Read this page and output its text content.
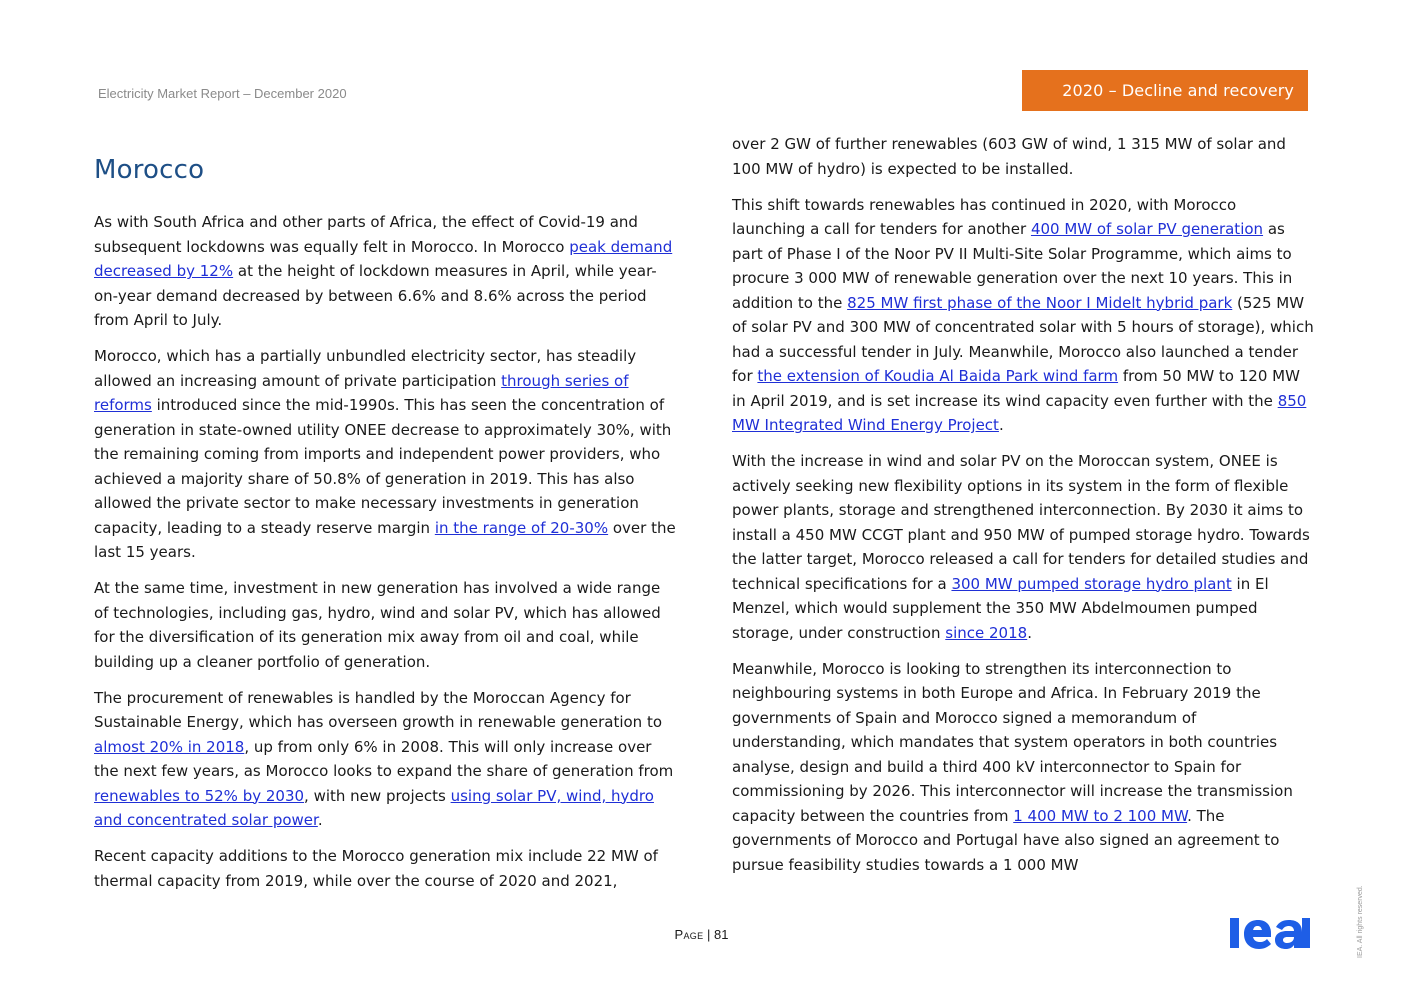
Electricity Market Report – December 2020	2020 – Decline and recovery
Morocco

As with South Africa and other parts of Africa, the effect of Covid-19 and subsequent lockdowns was equally felt in Morocco. In Morocco peak demand decreased by 12% at the height of lockdown measures in April, while year-on-year demand decreased by between 6.6% and 8.6% across the period from April to July.

Morocco, which has a partially unbundled electricity sector, has steadily allowed an increasing amount of private participation through series of reforms introduced since the mid-1990s. This has seen the concentration of generation in state-owned utility ONEE decrease to approximately 30%, with the remaining coming from imports and independent power providers, who achieved a majority share of 50.8% of generation in 2019. This has also allowed the private sector to make necessary investments in generation capacity, leading to a steady reserve margin in the range of 20-30% over the last 15 years.

At the same time, investment in new generation has involved a wide range of technologies, including gas, hydro, wind and solar PV, which has allowed for the diversification of its generation mix away from oil and coal, while building up a cleaner portfolio of generation.

The procurement of renewables is handled by the Moroccan Agency for Sustainable Energy, which has overseen growth in renewable generation to almost 20% in 2018, up from only 6% in 2008. This will only increase over the next few years, as Morocco looks to expand the share of generation from renewables to 52% by 2030, with new projects using solar PV, wind, hydro and concentrated solar power.

Recent capacity additions to the Morocco generation mix include 22 MW of thermal capacity from 2019, while over the course of 2020 and 2021,

over 2 GW of further renewables (603 GW of wind, 1 315 MW of solar and 100 MW of hydro) is expected to be installed.

This shift towards renewables has continued in 2020, with Morocco launching a call for tenders for another 400 MW of solar PV generation as part of Phase I of the Noor PV II Multi-Site Solar Programme, which aims to procure 3 000 MW of renewable generation over the next 10 years. This in addition to the 825 MW first phase of the Noor I Midelt hybrid park (525 MW of solar PV and 300 MW of concentrated solar with 5 hours of storage), which had a successful tender in July. Meanwhile, Morocco also launched a tender for the extension of Koudia Al Baida Park wind farm from 50 MW to 120 MW in April 2019, and is set increase its wind capacity even further with the 850 MW Integrated Wind Energy Project.

With the increase in wind and solar PV on the Moroccan system, ONEE is actively seeking new flexibility options in its system in the form of flexible power plants, storage and strengthened interconnection. By 2030 it aims to install a 450 MW CCGT plant and 950 MW of pumped storage hydro. Towards the latter target, Morocco released a call for tenders for detailed studies and technical specifications for a 300 MW pumped storage hydro plant in El Menzel, which would supplement the 350 MW Abdelmoumen pumped storage, under construction since 2018.

Meanwhile, Morocco is looking to strengthen its interconnection to neighbouring systems in both Europe and Africa. In February 2019 the governments of Spain and Morocco signed a memorandum of understanding, which mandates that system operators in both countries analyse, design and build a third 400 kV interconnector to Spain for commissioning by 2026. This interconnector will increase the transmission capacity between the countries from 1 400 MW to 2 100 MW. The governments of Morocco and Portugal have also signed an agreement to pursue feasibility studies towards a 1 000 MW

Page | 81	IEA. All rights reserved.
